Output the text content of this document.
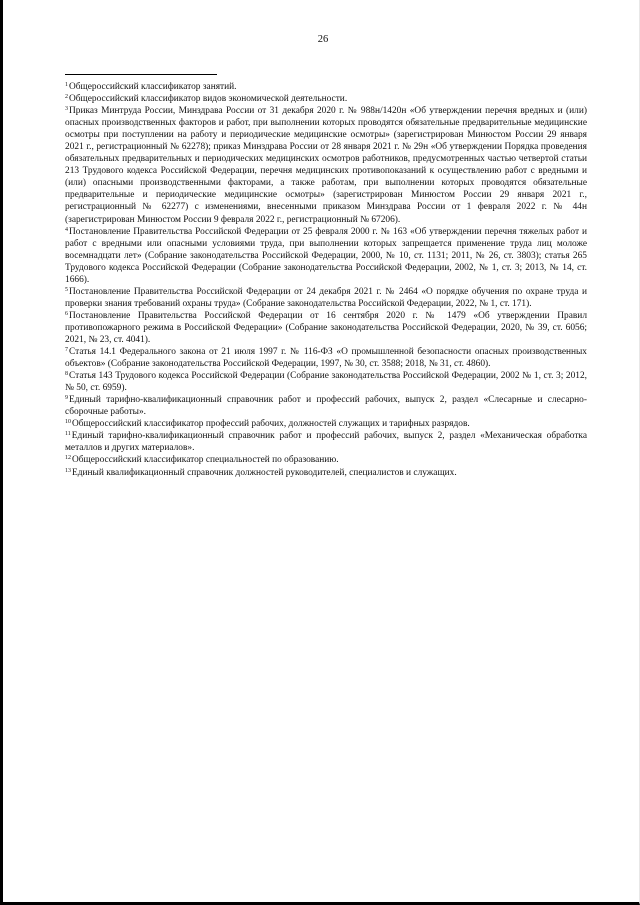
26

$^1$Общероссийский классификатор занятий.

$^2$Общероссийский классификатор видов экономической деятельности.

$^3$Приказ Минтруда России, Минздрава России от 31 декабря 2020 г. № 988н/1420н «Об утверждении перечня вредных и (или) опасных производственных факторов и работ, при выполнении которых проводятся обязательные предварительные медицинские осмотры при поступлении на работу и периодические медицинские осмотры» (зарегистрирован Минюстом России 29 января 2021 г., регистрационный № 62278); приказ Минздрава России от 28 января 2021 г. № 29н «Об утверждении Порядка проведения обязательных предварительных и периодических медицинских осмотров работников, предусмотренных частью четвертой статьи 213 Трудового кодекса Российской Федерации, перечня медицинских противопоказаний к осуществлению работ с вредными и (или) опасными производственными факторами, а также работам, при выполнении которых проводятся обязательные предварительные и периодические медицинские осмотры» (зарегистрирован Минюстом России 29 января 2021 г., регистрационный № 62277) с изменениями, внесенными приказом Минздрава России от 1 февраля 2022 г. № 44н (зарегистрирован Минюстом России 9 февраля 2022 г., регистрационный № 67206).

$^4$Постановление Правительства Российской Федерации от 25 февраля 2000 г. № 163 «Об утверждении перечня тяжелых работ и работ с вредными или опасными условиями труда, при выполнении которых запрещается применение труда лиц моложе восемнадцати лет» (Собрание законодательства Российской Федерации, 2000, № 10, ст. 1131; 2011, № 26, ст. 3803); статья 265 Трудового кодекса Российской Федерации (Собрание законодательства Российской Федерации, 2002, № 1, ст. 3; 2013, № 14, ст. 1666).

$^5$Постановление Правительства Российской Федерации от 24 декабря 2021 г. № 2464 «О порядке обучения по охране труда и проверки знания требований охраны труда» (Собрание законодательства Российской Федерации, 2022, № 1, ст. 171).

$^6$Постановление Правительства Российской Федерации от 16 сентября 2020 г. № 1479 «Об утверждении Правил противопожарного режима в Российской Федерации» (Собрание законодательства Российской Федерации, 2020, № 39, ст. 6056; 2021, № 23, ст. 4041).

$^7$Статья 14.1 Федерального закона от 21 июля 1997 г. № 116-ФЗ «О промышленной безопасности опасных производственных объектов» (Собрание законодательства Российской Федерации, 1997, № 30, ст. 3588; 2018, № 31, ст. 4860).

$^8$Статья 143 Трудового кодекса Российской Федерации (Собрание законодательства Российской Федерации, 2002 № 1, ст. 3; 2012, № 50, ст. 6959).

$^9$Единый тарифно-квалификационный справочник работ и профессий рабочих, выпуск 2, раздел «Слесарные и слесарно-сборочные работы».

$^{10}$Общероссийский классификатор профессий рабочих, должностей служащих и тарифных разрядов.

$^{11}$Единый тарифно-квалификационный справочник работ и профессий рабочих, выпуск 2, раздел «Механическая обработка металлов и других материалов».

$^{12}$Общероссийский классификатор специальностей по образованию.

$^{13}$Единый квалификационный справочник должностей руководителей, специалистов и служащих.
